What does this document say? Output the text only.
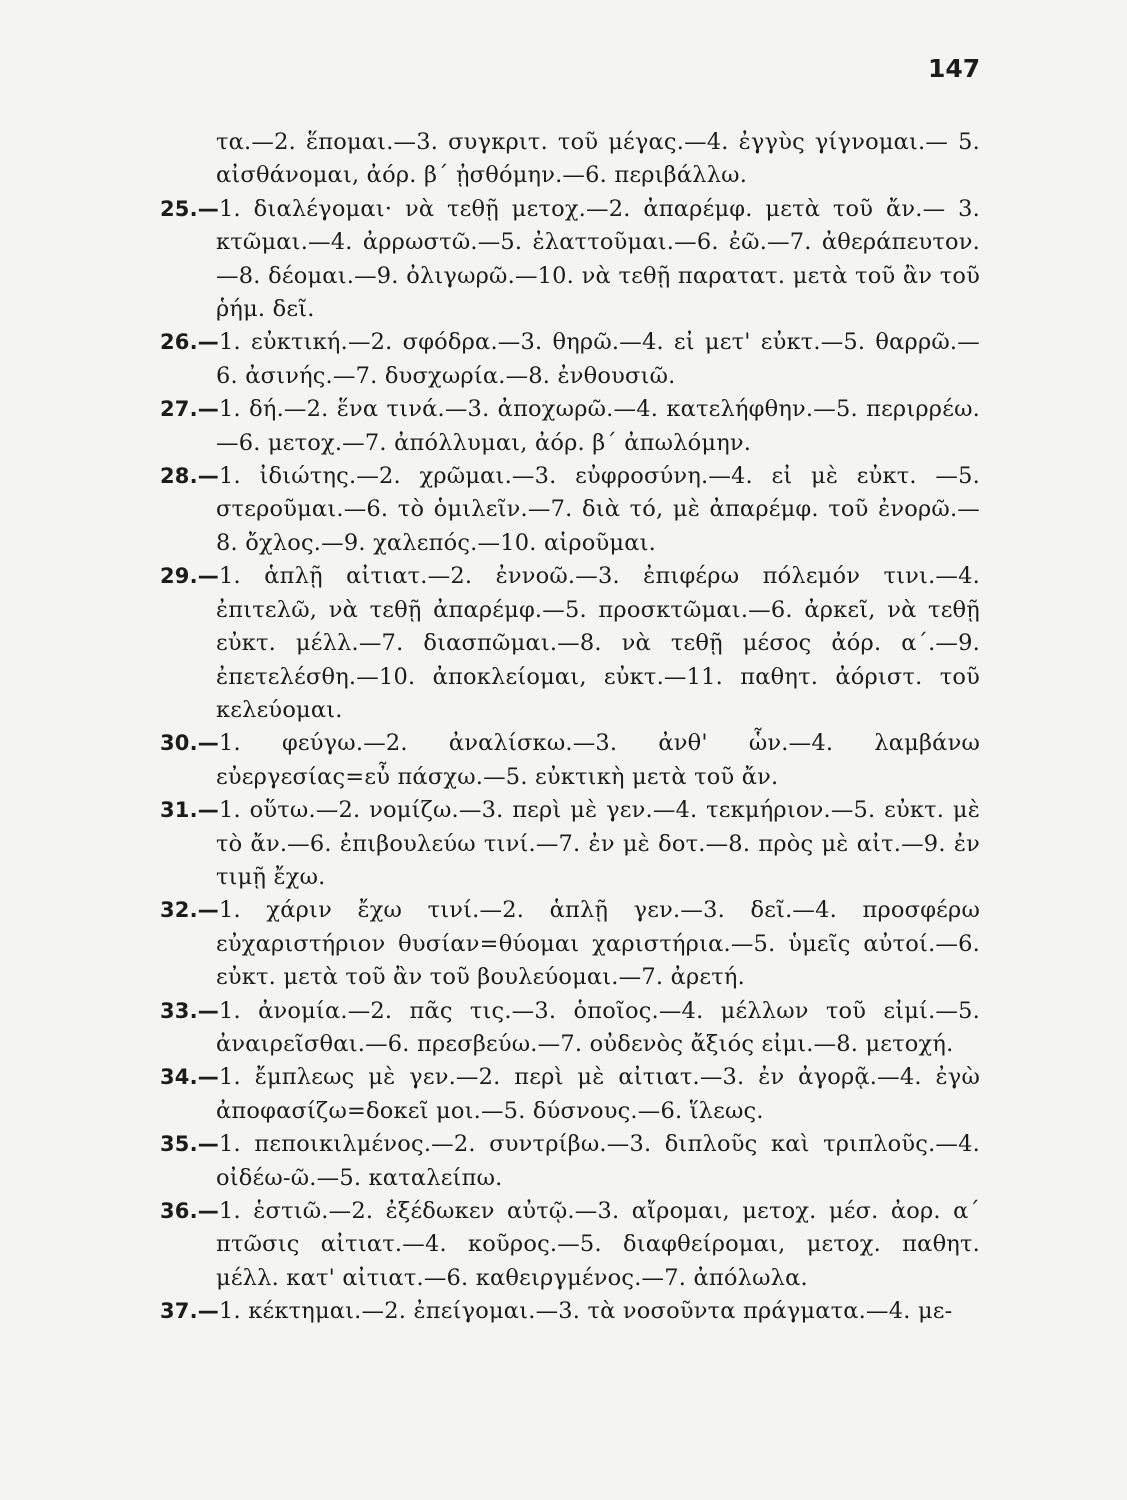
147
τα.—2. ἕπομαι.—3. συγκριτ. τοῦ μέγας.—4. ἐγγὺς γίγνομαι.— 5. αἰσθάνομαι, ἀόρ. β΄ ᾐσθόμην.—6. περιβάλλω.
25.—1. διαλέγομαι· νὰ τεθῇ μετοχ.—2. ἀπαρέμφ. μετὰ τοῦ ἄν.— 3. κτῶμαι.—4. ἀρρωστῶ.—5. ἐλαττοῦμαι.—6. ἐῶ.—7. ἀθεράπευτον.—8. δέομαι.—9. ὀλιγωρῶ.—10. νὰ τεθῇ παρατατ. μετὰ τοῦ ἂν τοῦ ῥήμ. δεῖ.
26.—1. εὐκτική.—2. σφόδρα.—3. θηρῶ.—4. εἰ μετ' εὐκτ.—5. θαρρῶ.—6. ἀσινής.—7. δυσχωρία.—8. ἐνθουσιῶ.
27.—1. δή.—2. ἕνα τινά.—3. ἀποχωρῶ.—4. κατελήφθην.—5. περιρρέω.—6. μετοχ.—7. ἀπόλλυμαι, ἀόρ. β΄ ἀπωλόμην.
28.—1. ἰδιώτης.—2. χρῶμαι.—3. εὐφροσύνη.—4. εἰ μὲ εὐκτ. —5. στεροῦμαι.—6. τὸ ὁμιλεῖν.—7. διὰ τό, μὲ ἀπαρέμφ. τοῦ ἐνορῶ.—8. ὄχλος.—9. χαλεπός.—10. αἱροῦμαι.
29.—1. ἁπλῇ αἰτιατ.—2. ἐννοῶ.—3. ἐπιφέρω πόλεμόν τινι.—4. ἐπιτελῶ, νὰ τεθῇ ἀπαρέμφ.—5. προσκτῶμαι.—6. ἀρκεῖ, νὰ τεθῇ εὐκτ. μέλλ.—7. διασπῶμαι.—8. νὰ τεθῇ μέσος ἀόρ. α΄.—9. ἐπετελέσθη.—10. ἀποκλείομαι, εὐκτ.—11. παθητ. ἀόριστ. τοῦ κελεύομαι.
30.—1. φεύγω.—2. ἀναλίσκω.—3. ἀνθ' ὧν.—4. λαμβάνω εὐεργεσίας=εὖ πάσχω.—5. εὐκτικὴ μετὰ τοῦ ἄν.
31.—1. οὕτω.—2. νομίζω.—3. περὶ μὲ γεν.—4. τεκμήριον.—5. εὐκτ. μὲ τὸ ἄν.—6. ἐπιβουλεύω τινί.—7. ἐν μὲ δοτ.—8. πρὸς μὲ αἰτ.—9. ἐν τιμῇ ἔχω.
32.—1. χάριν ἔχω τινί.—2. ἁπλῇ γεν.—3. δεῖ.—4. προσφέρω εὐχαριστήριον θυσίαν=θύομαι χαριστήρια.—5. ὑμεῖς αὐτοί.—6. εὐκτ. μετὰ τοῦ ἂν τοῦ βουλεύομαι.—7. ἀρετή.
33.—1. ἀνομία.—2. πᾶς τις.—3. ὁποῖος.—4. μέλλων τοῦ εἰμί.—5. ἀναιρεῖσθαι.—6. πρεσβεύω.—7. οὐδενὸς ἄξιός εἰμι.—8. μετοχή.
34.—1. ἔμπλεως μὲ γεν.—2. περὶ μὲ αἰτιατ.—3. ἐν ἀγορᾷ.—4. ἐγὼ ἀποφασίζω=δοκεῖ μοι.—5. δύσνους.—6. ἵλεως.
35.—1. πεποικιλμένος.—2. συντρίβω.—3. διπλοῦς καὶ τριπλοῦς.—4. οἰδέω-ῶ.—5. καταλείπω.
36.—1. ἑστιῶ.—2. ἐξέδωκεν αὐτῷ.—3. αἴρομαι, μετοχ. μέσ. ἀορ. α΄ πτῶσις αἰτιατ.—4. κοῦρος.—5. διαφθείρομαι, μετοχ. παθητ. μέλλ. κατ' αἰτιατ.—6. καθειργμένος.—7. ἀπόλωλα.
37.—1. κέκτημαι.—2. ἐπείγομαι.—3. τὰ νοσοῦντα πράγματα.—4. με-
